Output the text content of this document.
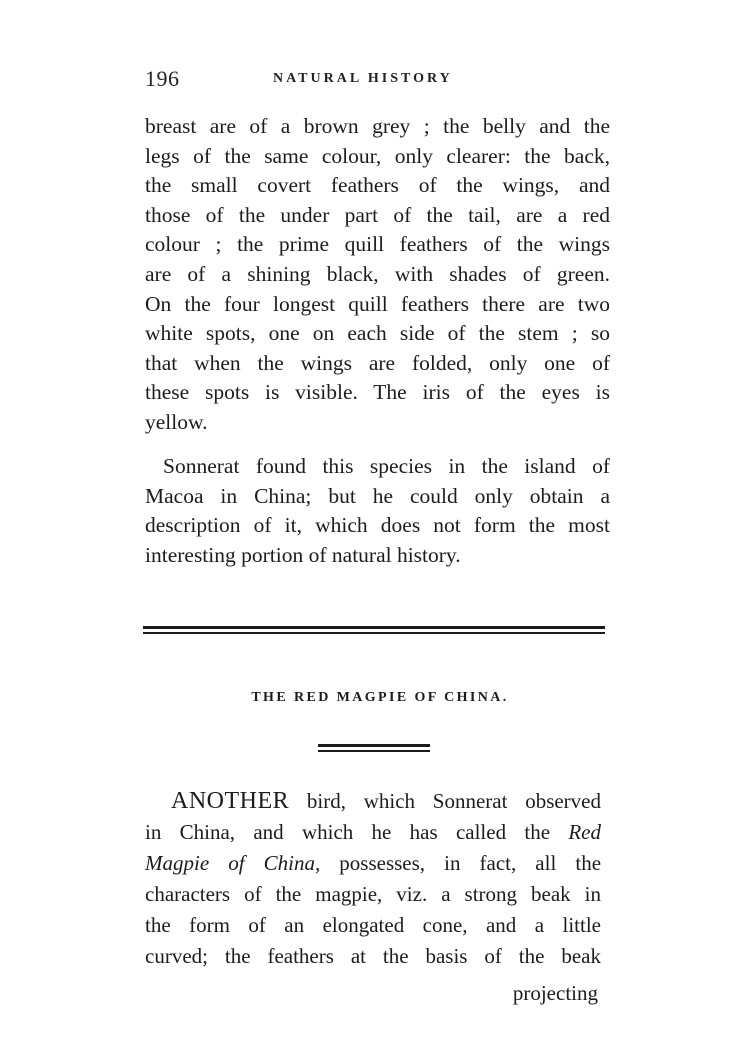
196	NATURAL HISTORY
breast are of a brown grey ; the belly and the
legs of the same colour, only clearer: the back,
the small covert feathers of the wings, and
those of the under part of the tail, are a red
colour ; the prime quill feathers of the wings
are of a shining black, with shades of green.
On the four longest quill feathers there are two
white spots, one on each side of the stem ; so
that when the wings are folded, only one of
these spots is visible. The iris of the eyes is
yellow.
Sonnerat found this species in the island of
Macoa in China; but he could only obtain a
description of it, which does not form the most
interesting portion of natural history.
THE RED MAGPIE OF CHINA.
ANOTHER bird, which Sonnerat observed
in China, and which he has called the Red
Magpie of China, possesses, in fact, all the
characters of the magpie, viz. a strong beak in
the form of an elongated cone, and a little
curved; the feathers at the basis of the beak
projecting
